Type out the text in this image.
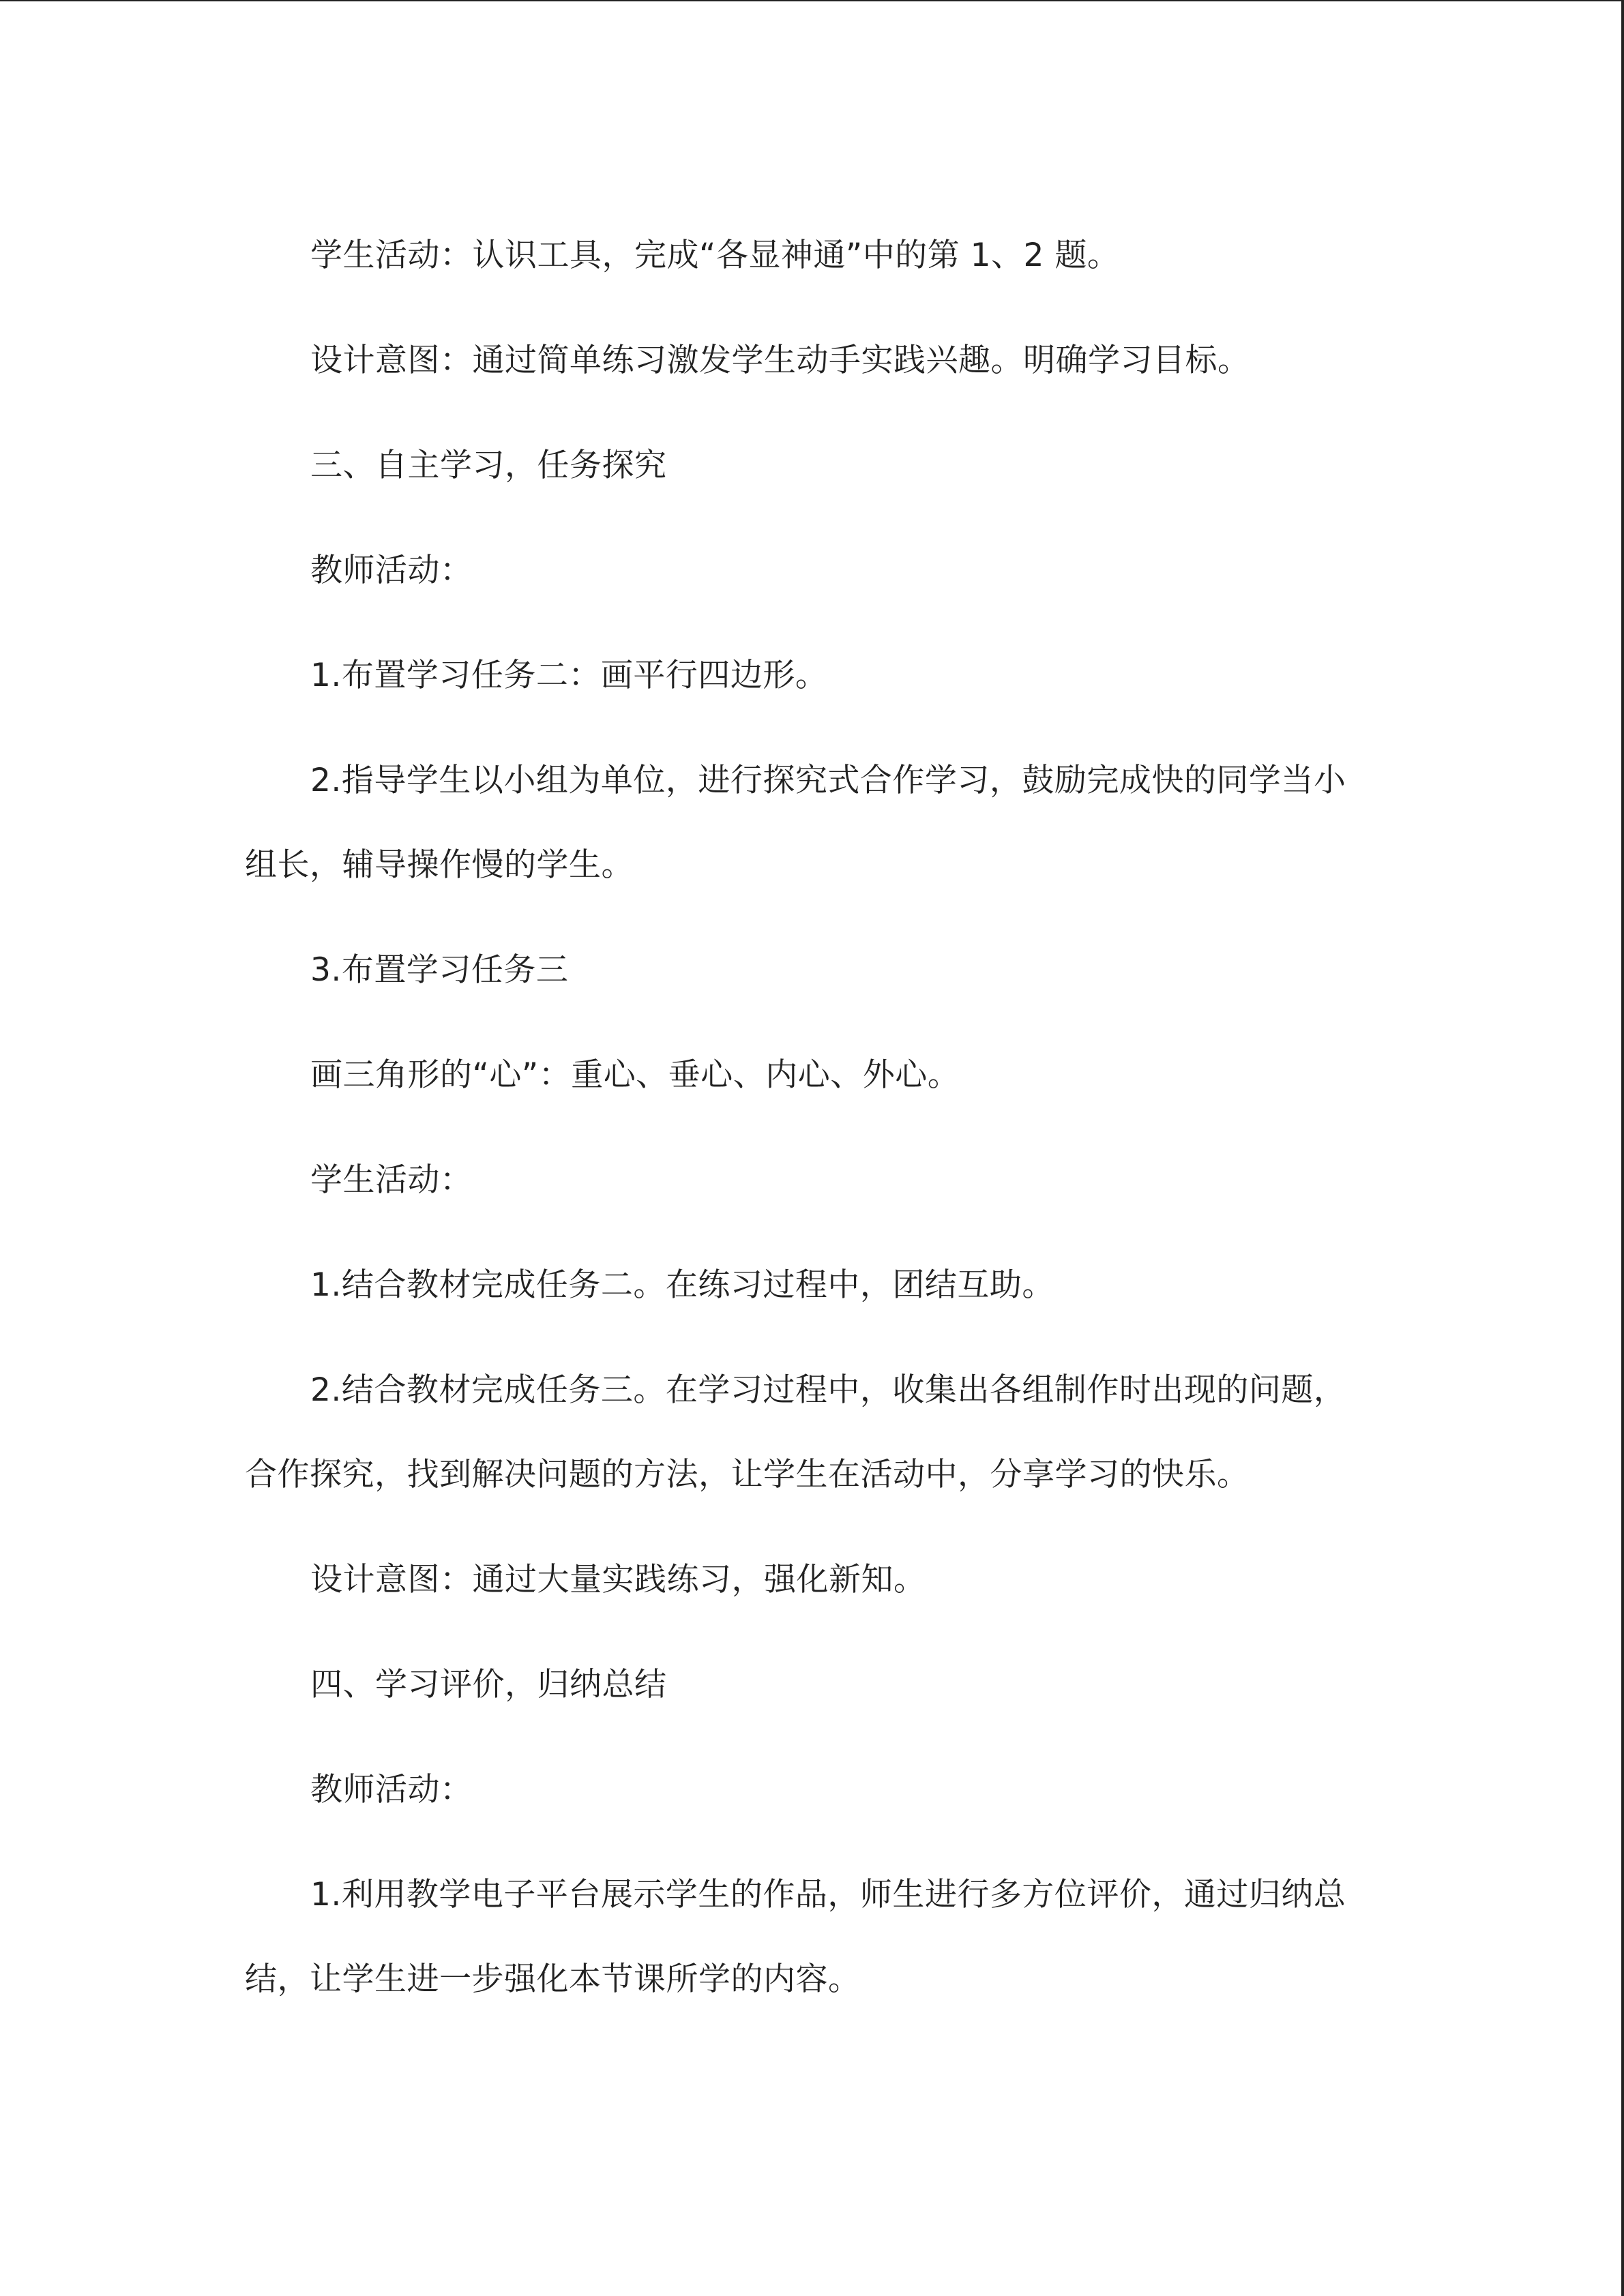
学生活动：认识工具，完成“各显神通”中的第 1、2 题。

设计意图：通过简单练习激发学生动手实践兴趣。明确学习目标。

三、自主学习，任务探究

教师活动：

1.布置学习任务二：画平行四边形。

2.指导学生以小组为单位，进行探究式合作学习，鼓励完成快的同学当小组长，辅导操作慢的学生。

3.布置学习任务三

画三角形的“心”：重心、垂心、内心、外心。

学生活动：

1.结合教材完成任务二。在练习过程中，团结互助。

2.结合教材完成任务三。在学习过程中，收集出各组制作时出现的问题，合作探究，找到解决问题的方法，让学生在活动中，分享学习的快乐。

设计意图：通过大量实践练习，强化新知。

四、学习评价，归纳总结

教师活动：

1.利用教学电子平台展示学生的作品，师生进行多方位评价，通过归纳总结，让学生进一步强化本节课所学的内容。
